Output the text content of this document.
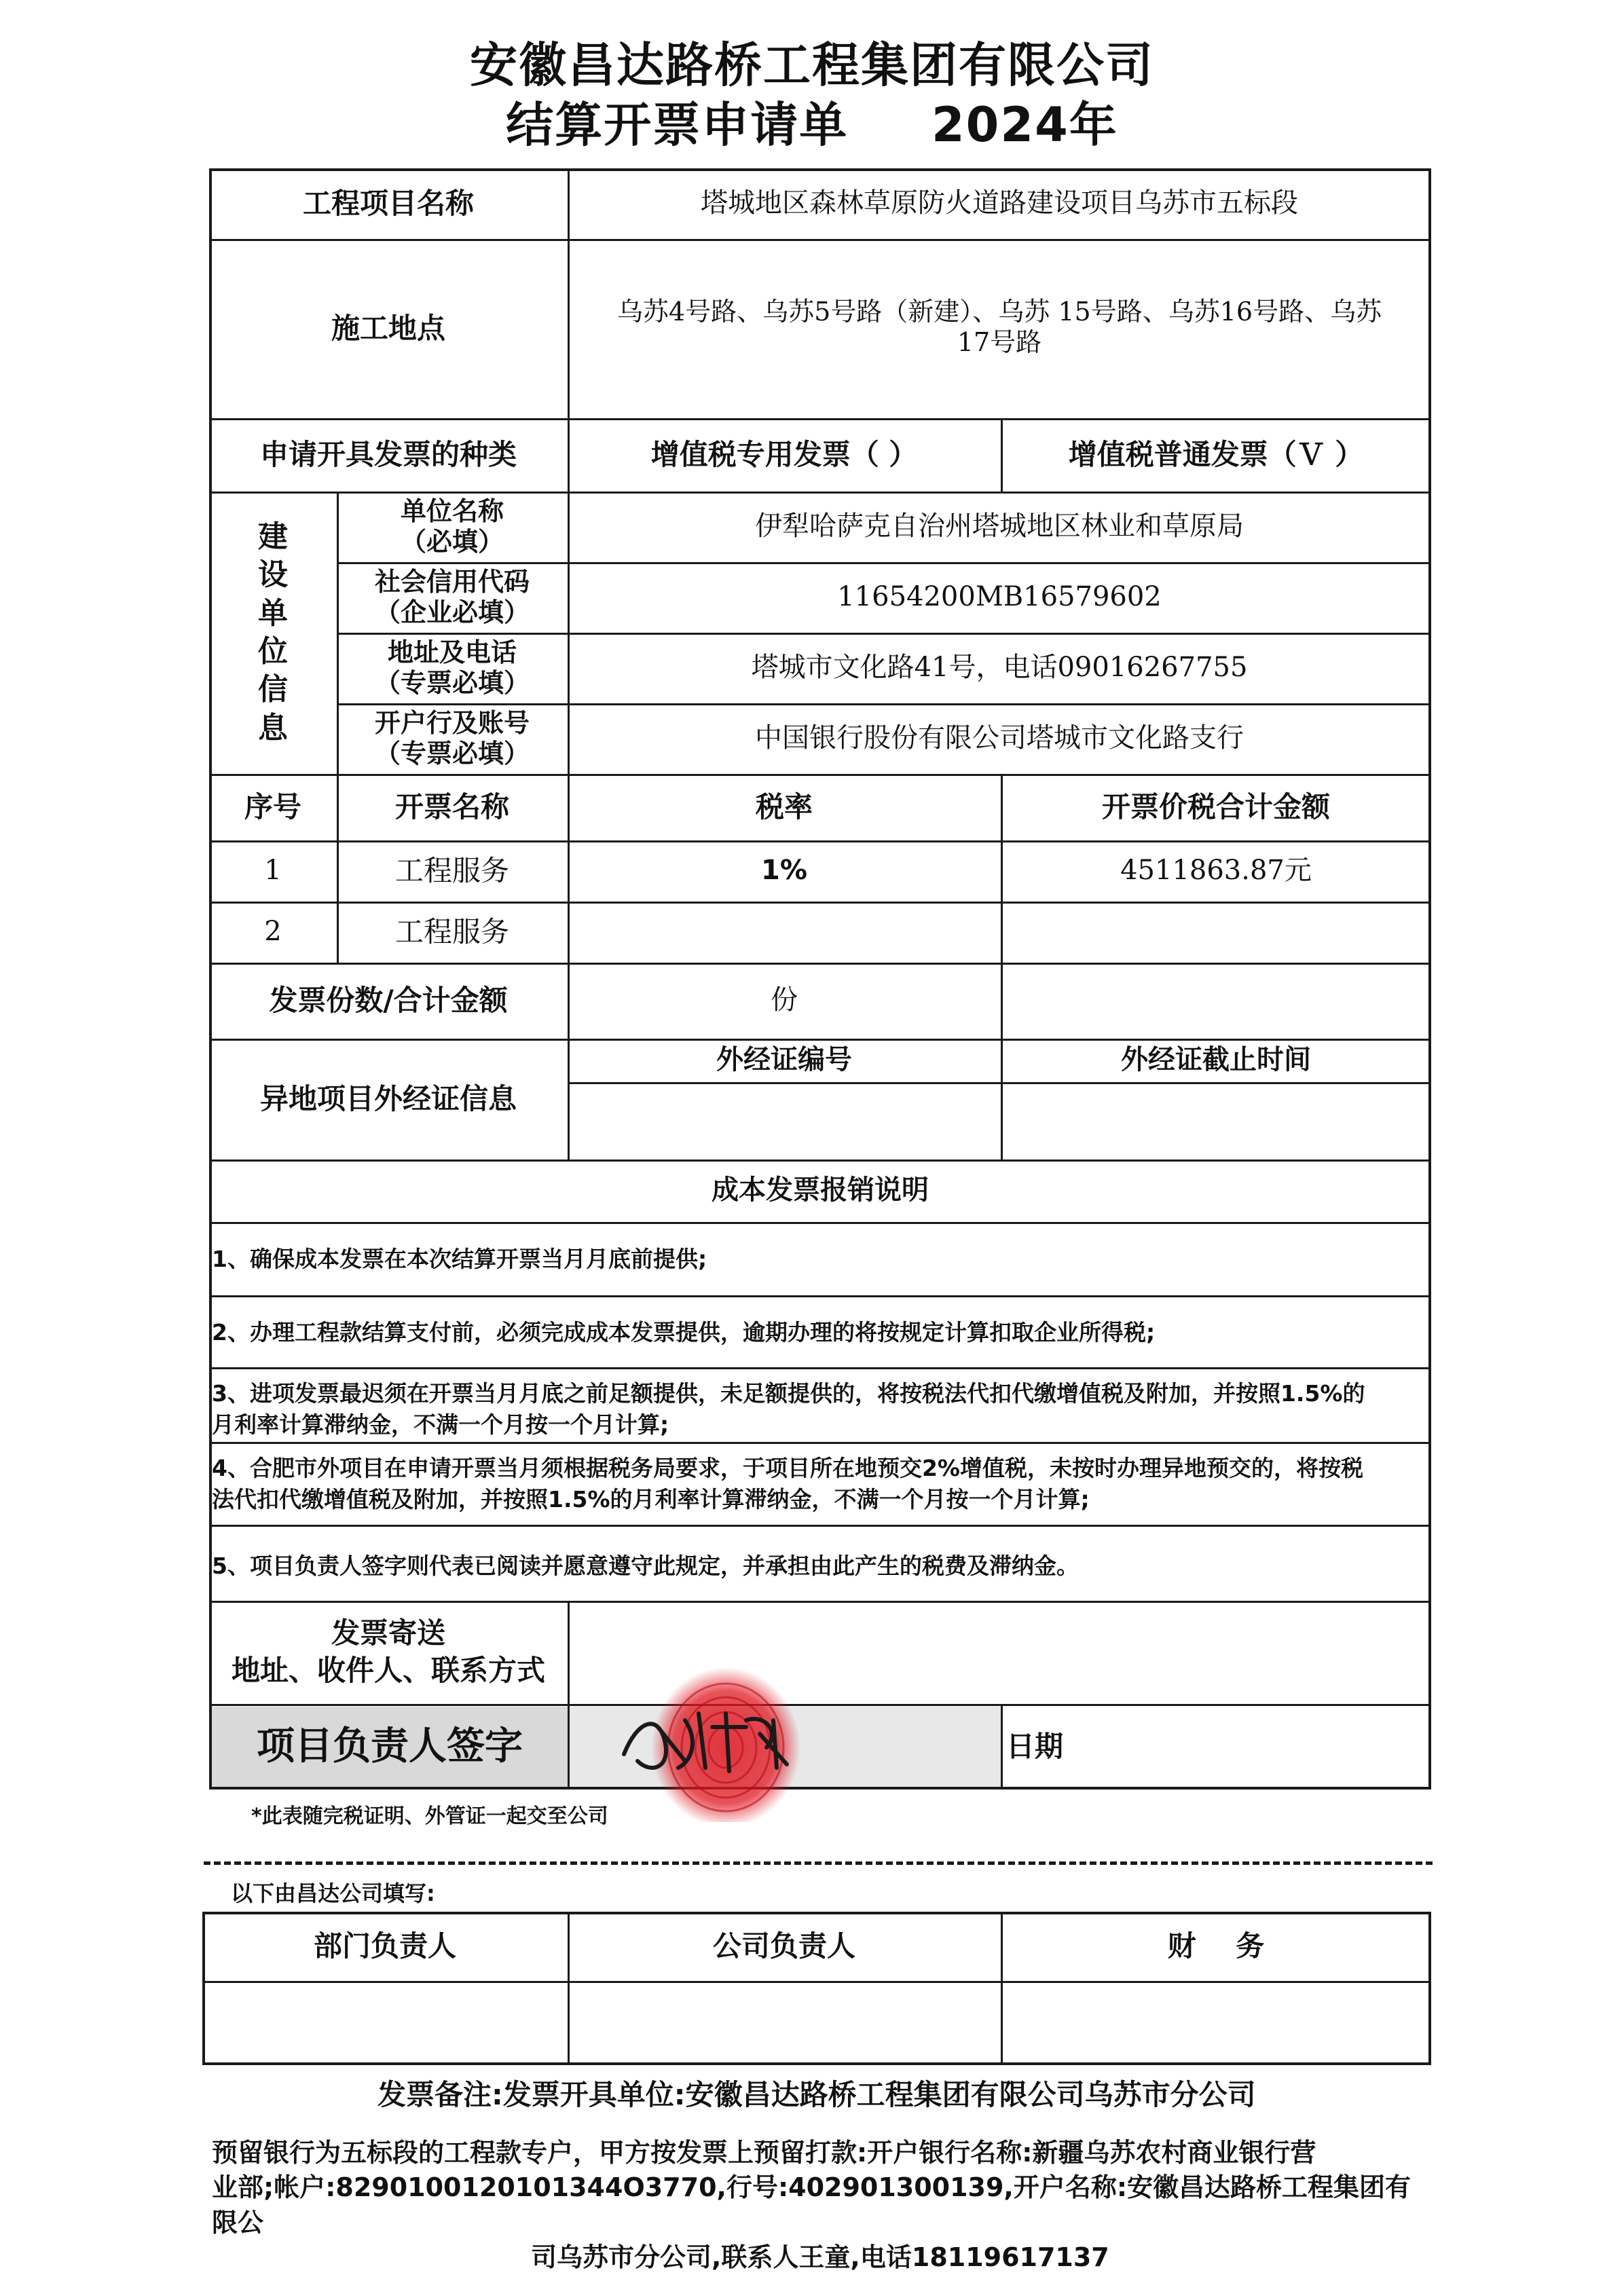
安徽昌达路桥工程集团有限公司
结算开票申请单 2024年
工程项目名称	塔城地区森林草原防火道路建设项目乌苏市五标段
施工地点
乌苏4号路、乌苏5号路（新建）、乌苏 15号路、乌苏16号路、乌苏
17号路
申请开具发票的种类	增值税专用发票（ ）	增值税普通发票（Ｖ ）
建
设
单
位
信
息
单位名称
（必填）	伊犁哈萨克自治州塔城地区林业和草原局
社会信用代码
（企业必填）	11654200MB16579602
地址及电话
（专票必填）	塔城市文化路41号，电话09016267755
开户行及账号
（专票必填）	中国银行股份有限公司塔城市文化路支行
序号	开票名称	税率	开票价税合计金额
1	工程服务	1%	4511863.87元
2	工程服务
发票份数/合计金额	份
异地项目外经证信息
外经证编号	外经证截止时间
成本发票报销说明
1、确保成本发票在本次结算开票当月月底前提供;
2、办理工程款结算支付前，必须完成成本发票提供，逾期办理的将按规定计算扣取企业所得税;
3、进项发票最迟须在开票当月月底之前足额提供，未足额提供的，将按税法代扣代缴增值税及附加，并按照1.5%的
月利率计算滞纳金，不满一个月按一个月计算;
4、合肥市外项目在申请开票当月须根据税务局要求，于项目所在地预交2%增值税，未按时办理异地预交的，将按税
法代扣代缴增值税及附加，并按照1.5%的月利率计算滞纳金，不满一个月按一个月计算;
5、项目负责人签字则代表已阅读并愿意遵守此规定，并承担由此产生的税费及滞纳金。
发票寄送
地址、收件人、联系方式
项目负责人签字	日期
*此表随完税证明、外管证一起交至公司
以下由昌达公司填写:
部门负责人	公司负责人	财    务
发票备注:发票开具单位:安徽昌达路桥工程集团有限公司乌苏市分公司
预留银行为五标段的工程款专户，甲方按发票上预留打款:开户银行名称:新疆乌苏农村商业银行营
业部;帐户:8290100120101344O3770,行号:402901300139,开户名称:安徽昌达路桥工程集团有限公
司乌苏市分公司,联系人王童,电话18119617137
